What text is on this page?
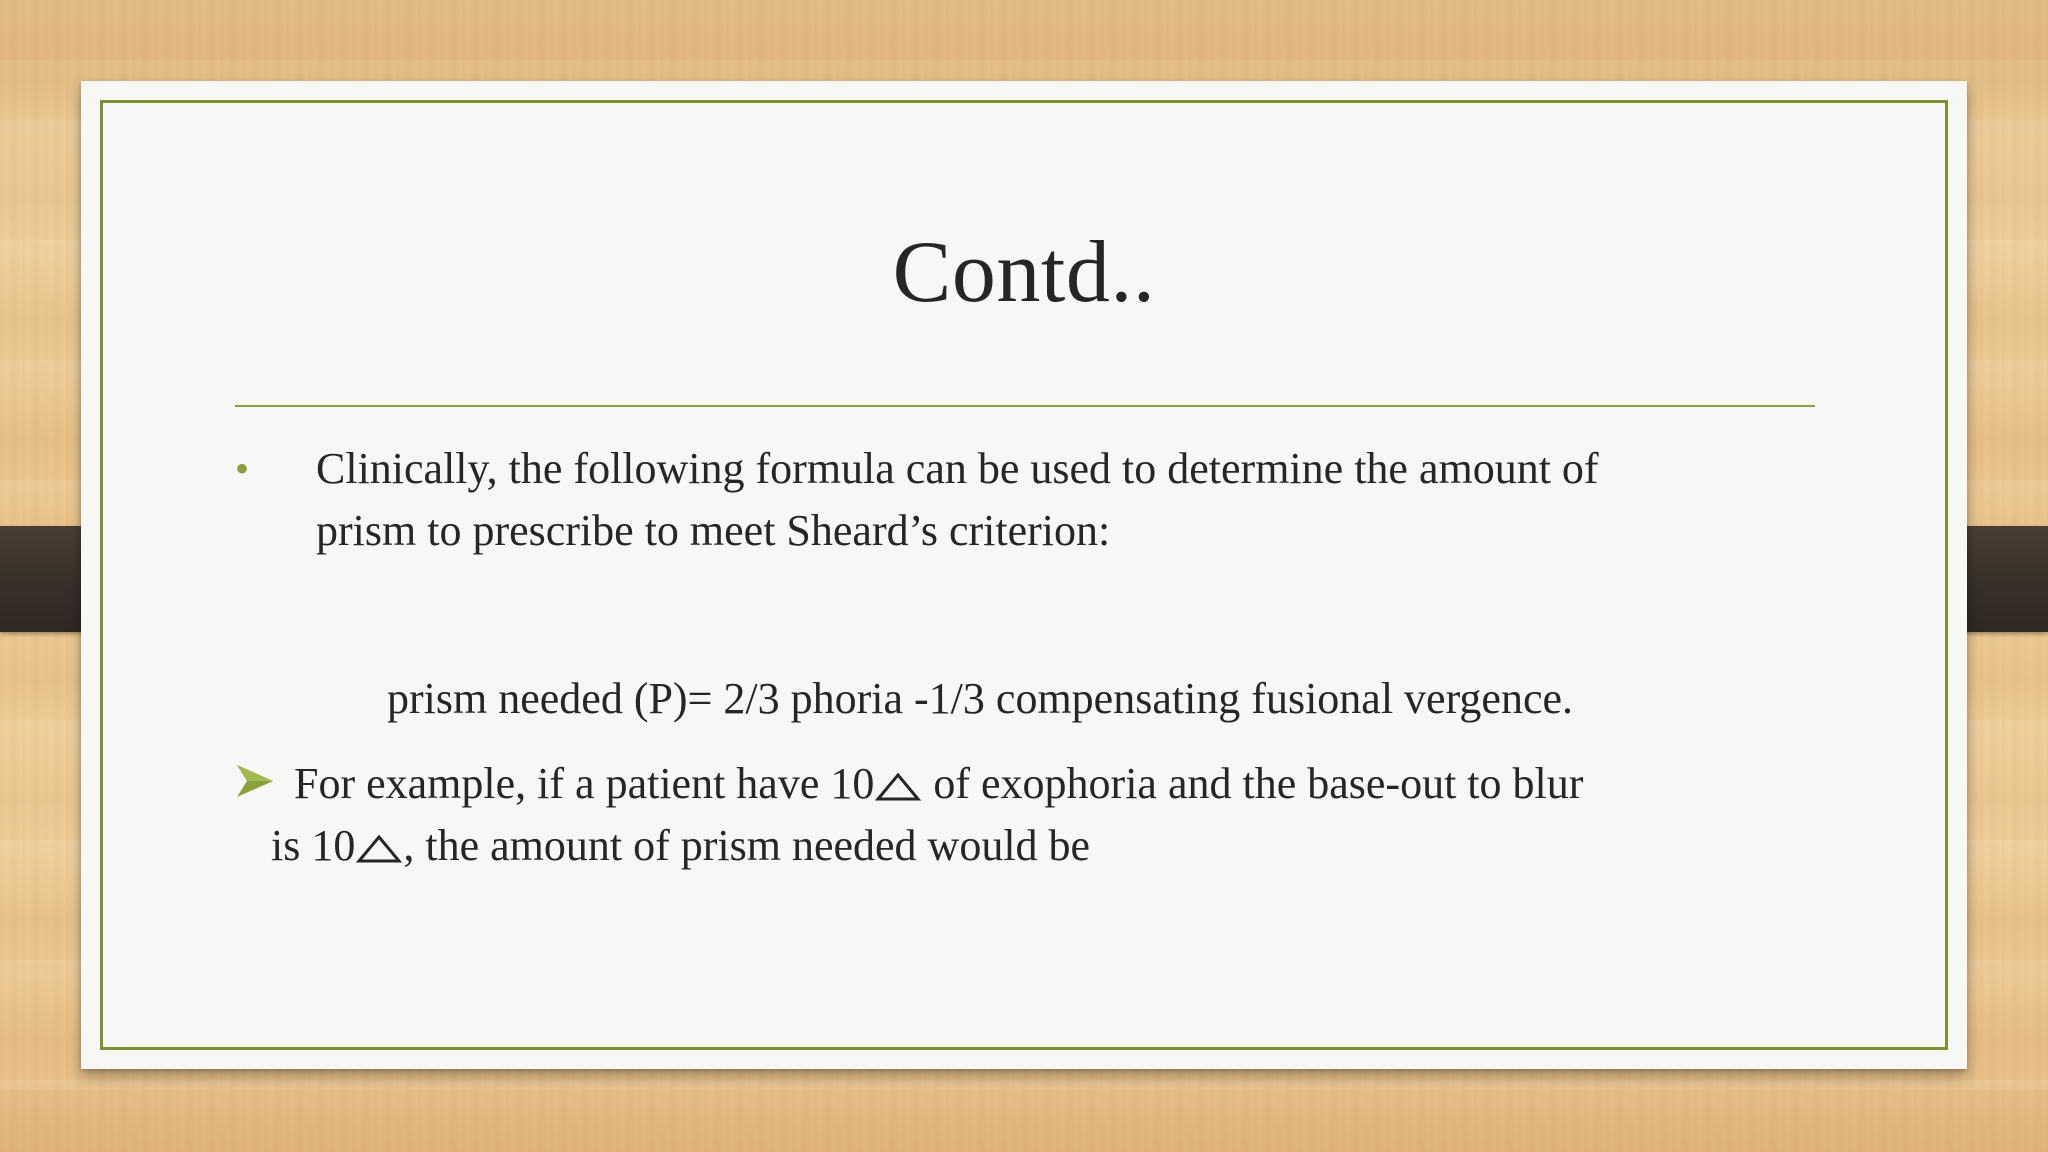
Contd..
• Clinically, the following formula can be used to determine the amount of
prism to prescribe to meet Sheard’s criterion:
prism needed (P)= 2/3 phoria -1/3 compensating fusional vergence.
For example, if a patient have 10 of exophoria and the base-out to blur
is 10 , the amount of prism needed would be
